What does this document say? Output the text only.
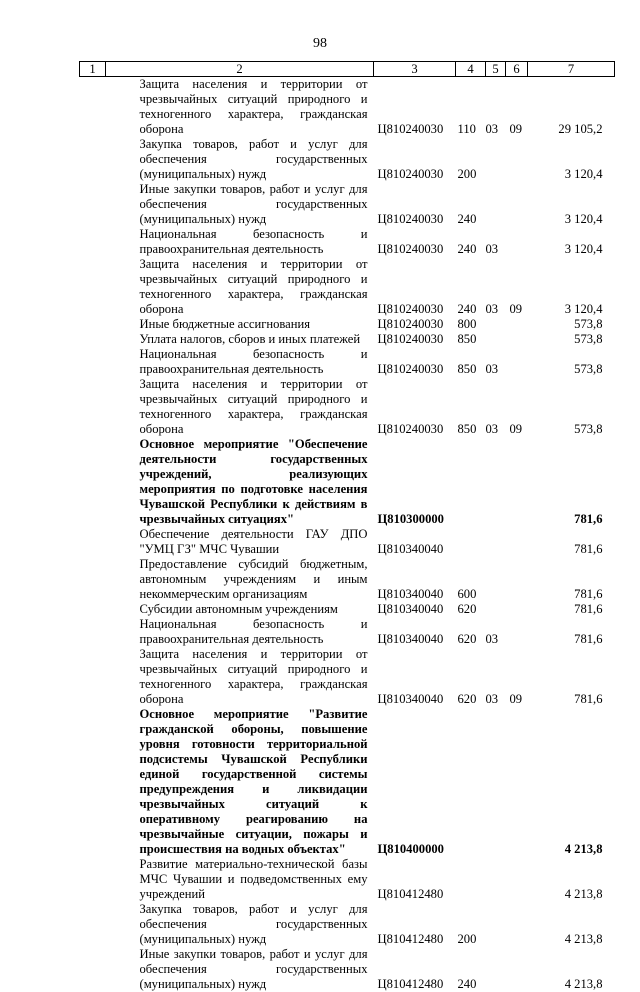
98
1	2	3	4	5	6	7
	Защита населения и территории от чрезвычайных ситуаций природного и техногенного характера, гражданская оборона	Ц810240030	110	03	09	29 105,2
	Закупка товаров, работ и услуг для обеспечения государственных (муниципальных) нужд	Ц810240030	200			3 120,4
	Иные закупки товаров, работ и услуг для обеспечения государственных (муниципальных) нужд	Ц810240030	240			3 120,4
	Национальная безопасность и правоохранительная деятельность	Ц810240030	240	03		3 120,4
	Защита населения и территории от чрезвычайных ситуаций природного и техногенного характера, гражданская оборона	Ц810240030	240	03	09	3 120,4
	Иные бюджетные ассигнования	Ц810240030	800			573,8
	Уплата налогов, сборов и иных платежей	Ц810240030	850			573,8
	Национальная безопасность и правоохранительная деятельность	Ц810240030	850	03		573,8
	Защита населения и территории от чрезвычайных ситуаций природного и техногенного характера, гражданская оборона	Ц810240030	850	03	09	573,8
	Основное мероприятие "Обеспечение деятельности государственных учреждений, реализующих мероприятия по подготовке населения Чувашской Республики к действиям в чрезвычайных ситуациях"	Ц810300000				781,6
	Обеспечение деятельности ГАУ ДПО "УМЦ ГЗ" МЧС Чувашии	Ц810340040				781,6
	Предоставление субсидий бюджетным, автономным учреждениям и иным некоммерческим организациям	Ц810340040	600			781,6
	Субсидии автономным учреждениям	Ц810340040	620			781,6
	Национальная безопасность и правоохранительная деятельность	Ц810340040	620	03		781,6
	Защита населения и территории от чрезвычайных ситуаций природного и техногенного характера, гражданская оборона	Ц810340040	620	03	09	781,6
	Основное мероприятие "Развитие гражданской обороны, повышение уровня готовности территориальной подсистемы Чувашской Республики единой государственной системы предупреждения и ликвидации чрезвычайных ситуаций к оперативному реагированию на чрезвычайные ситуации, пожары и происшествия на водных объектах"	Ц810400000				4 213,8
	Развитие материально-технической базы МЧС Чувашии и подведомственных ему учреждений	Ц810412480				4 213,8
	Закупка товаров, работ и услуг для обеспечения государственных (муниципальных) нужд	Ц810412480	200			4 213,8
	Иные закупки товаров, работ и услуг для обеспечения государственных (муниципальных) нужд	Ц810412480	240			4 213,8
